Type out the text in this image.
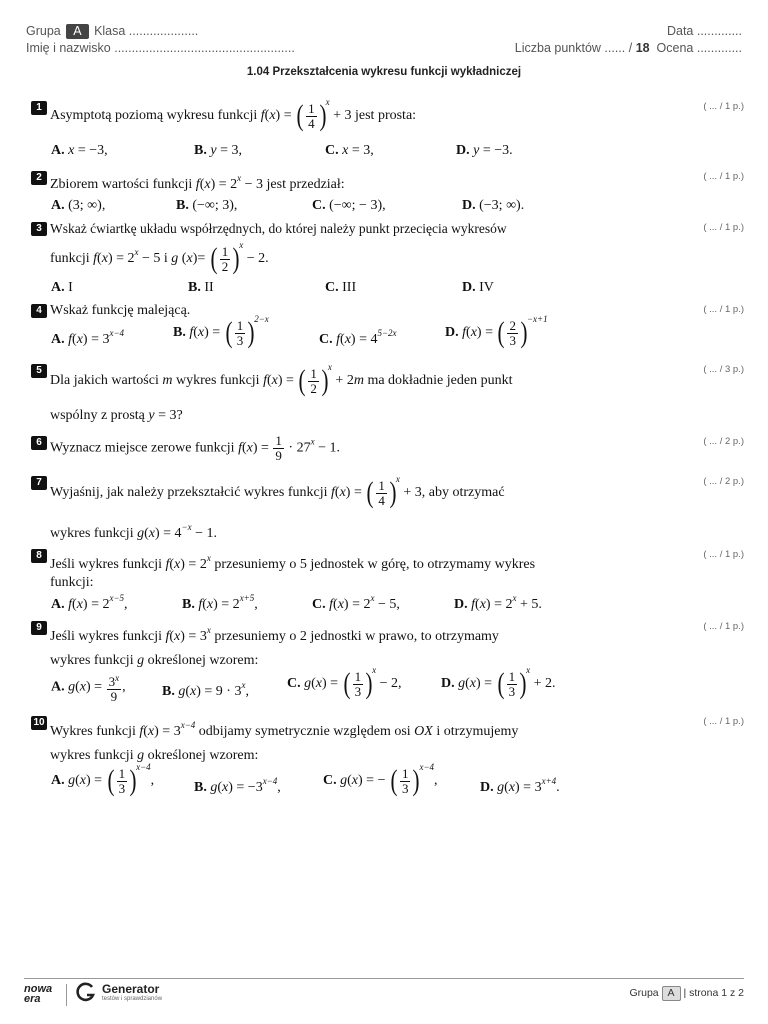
Grupa A Klasa ....................	Data .............
Imię i nazwisko ....................................................	Liczba punktów ...... / 18 Ocena .............
1.04 Przekształcenia wykresu funkcji wykładniczej
1	( ... / 1 p.)
Asymptotą poziomą wykresu funkcji f(x) = ( $\frac{1}{4}$ ) x
+ 3 jest prosta:
A. x = −3,	B. y = 3,	C. x = 3,	D. y = −3.
2	( ... / 1 p.)
Zbiorem wartości funkcji $f(x) = 2^x - 3$ jest przedział:
A. (3; ∞),	B. (−∞; 3),	C. (−∞; − 3),	D. (−3; ∞).
3	( ... / 1 p.)
Wskaż ćwiartkę układu współrzędnych, do której należy punkt przecięcia wykresów
funkcji $f(x) = 2^x - 5$ i g (x)= ( $\frac{1}{2}$ ) x
− 2.
A. I	B. II	C. III	D. IV
4	( ... / 1 p.)
Wskaż funkcję malejącą.
A. $f(x) = 3^{x-4}$	B. f(x) = ( $\frac{1}{3}$ ) 2−x
C. $f(x) = 4^{5-2x}$	D. f(x) = ( $\frac{2}{3}$ ) −x+1
5	( ... / 3 p.)
Dla jakich wartości m wykres funkcji f(x) = ( $\frac{1}{2}$ ) x
+ 2m ma dokładnie jeden punkt
wspólny z prostą y = 3?
6	( ... / 2 p.)
Wyznacz miejsce zerowe funkcji $f(x) = \frac{1}{9} \cdot 27^x - 1$.
7	( ... / 2 p.)
Wyjaśnij, jak należy przekształcić wykres funkcji f(x) = ( $\frac{1}{4}$ ) x
+ 3, aby otrzymać
wykres funkcji $g(x) = 4^{-x} - 1$.
8	( ... / 1 p.)
Jeśli wykres funkcji $f(x) = 2^x$ przesuniemy o 5 jednostek w górę, to otrzymamy wykres
funkcji:
A. $f(x) = 2^{x-5}$,	B. $f(x) = 2^{x+5}$,	C. $f(x) = 2^x - 5$,	D. $f(x) = 2^x + 5$.
9	( ... / 1 p.)
Jeśli wykres funkcji $f(x) = 3^x$ przesuniemy o 2 jednostki w prawo, to otrzymamy
wykres funkcji g określonej wzorem:
A. $g(x) = \frac{3^x}{9}$ ,	B. $g(x) = 9 \cdot 3^x$,
C. g(x) = ( $\frac{1}{3}$ ) x
− 2,	D. g(x) = ( $\frac{1}{3}$ ) x
+ 2.
10	( ... / 1 p.)
Wykres funkcji $f(x) = 3^{x-4}$ odbijamy symetrycznie względem osi OX i otrzymujemy
wykres funkcji g określonej wzorem:
A. g(x) = ( $\frac{1}{3}$ ) x−4
,	B. $g(x) = -3^{x-4}$,	C. g(x) = − ( $\frac{1}{3}$ ) x−4
,	D. $g(x) = 3^{x+4}$.
nowa
era
Generator
testów i sprawdzianów	Grupa A | strona 1 z 2
